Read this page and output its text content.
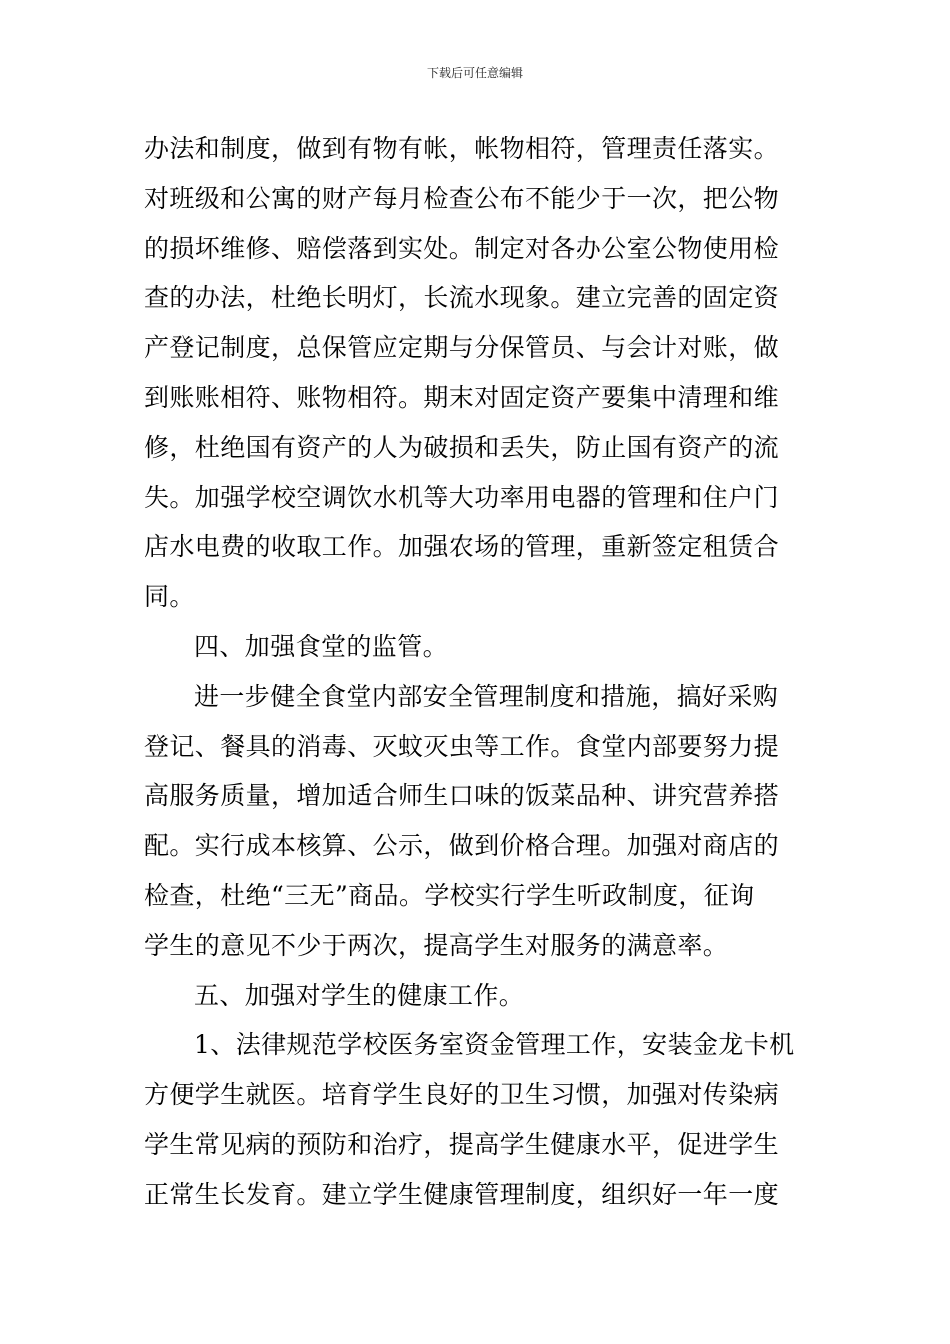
下载后可任意编辑
办法和制度，做到有物有帐，帐物相符，管理责任落实。
对班级和公寓的财产每月检查公布不能少于一次，把公物
的损坏维修、赔偿落到实处。制定对各办公室公物使用检
查的办法，杜绝长明灯，长流水现象。建立完善的固定资
产登记制度，总保管应定期与分保管员、与会计对账，做
到账账相符、账物相符。期末对固定资产要集中清理和维
修，杜绝国有资产的人为破损和丢失，防止国有资产的流
失。加强学校空调饮水机等大功率用电器的管理和住户门
店水电费的收取工作。加强农场的管理，重新签定租赁合
同。
四、加强食堂的监管。
进一步健全食堂内部安全管理制度和措施，搞好采购
登记、餐具的消毒、灭蚊灭虫等工作。食堂内部要努力提
高服务质量，增加适合师生口味的饭菜品种、讲究营养搭
配。实行成本核算、公示，做到价格合理。加强对商店的
检查，杜绝“三无”商品。学校实行学生听政制度，征询
学生的意见不少于两次，提高学生对服务的满意率。
五、加强对学生的健康工作。
1、法律规范学校医务室资金管理工作，安装金龙卡机
方便学生就医。培育学生良好的卫生习惯，加强对传染病
学生常见病的预防和治疗，提高学生健康水平，促进学生
正常生长发育。建立学生健康管理制度，组织好一年一度
